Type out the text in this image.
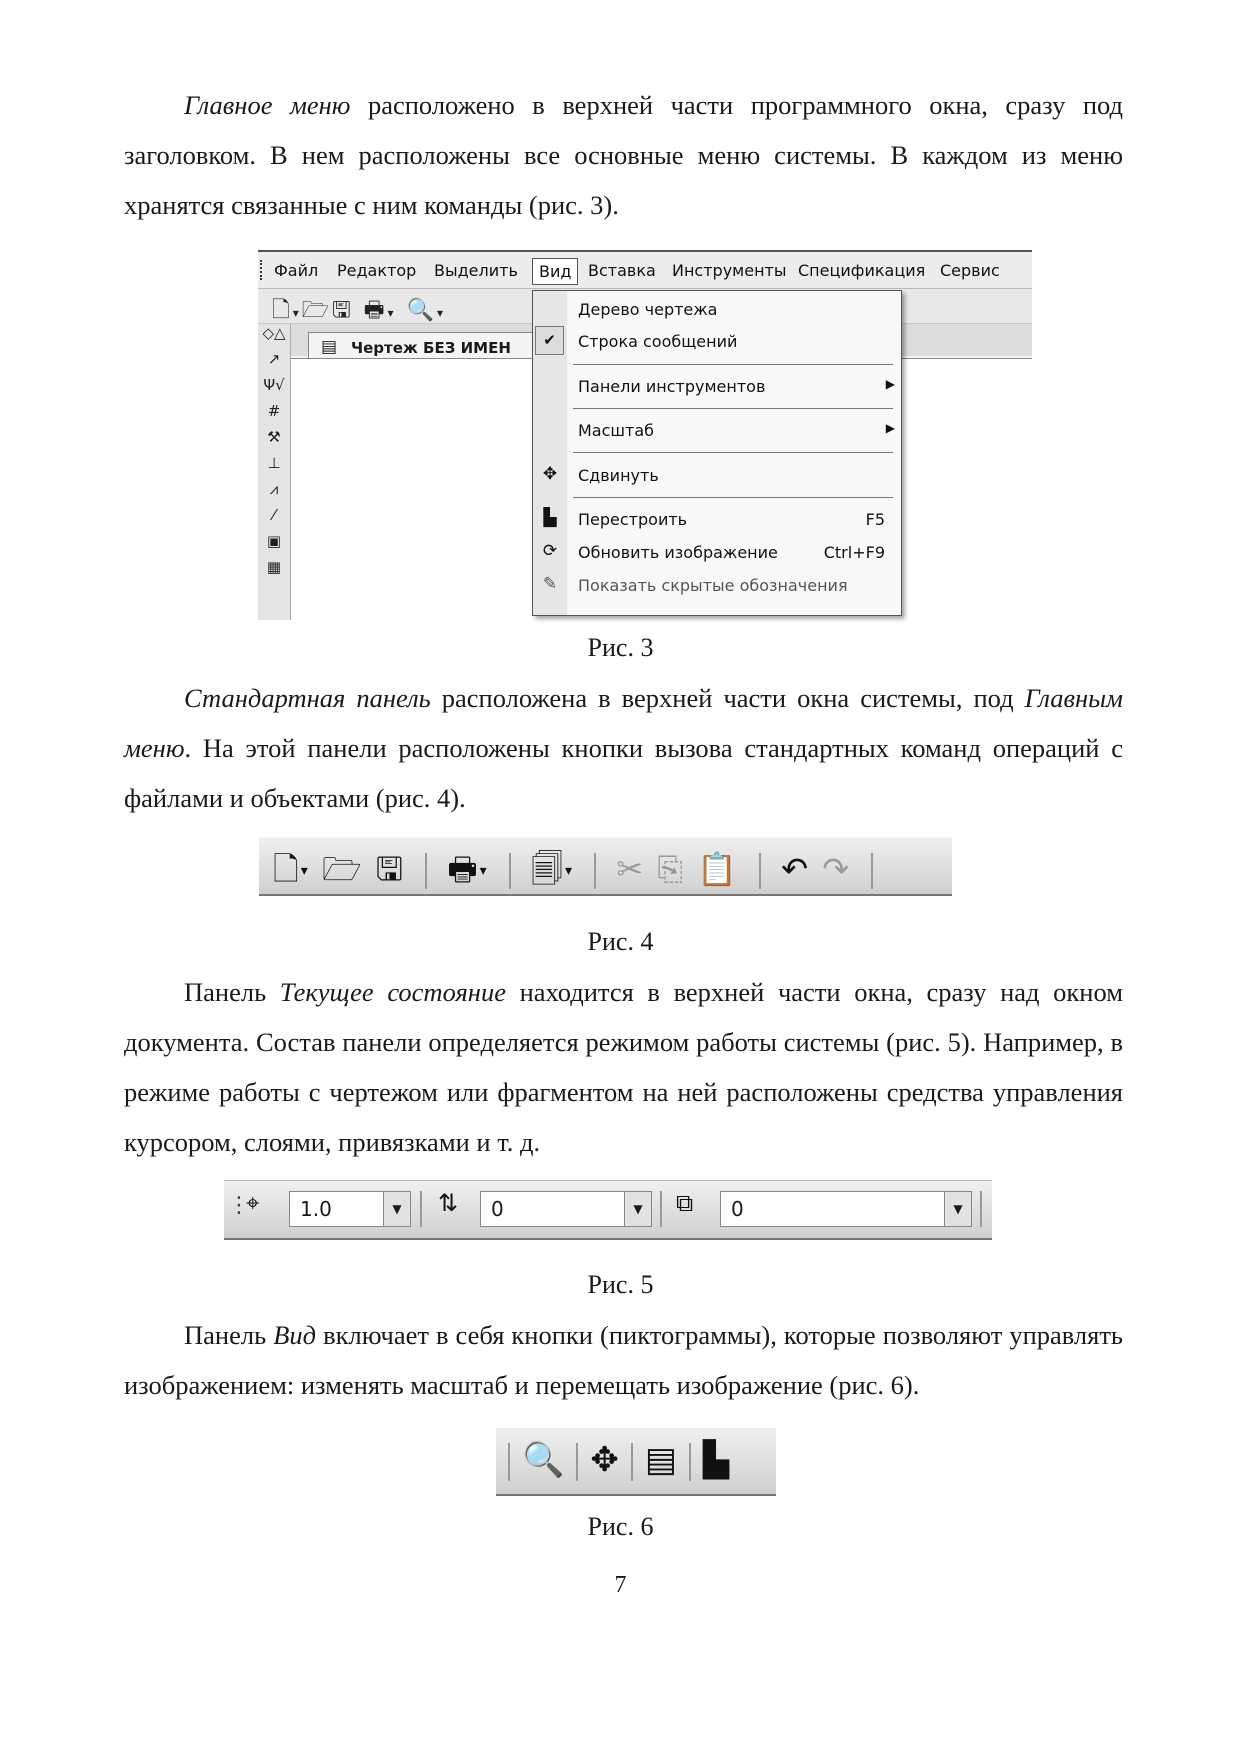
Главное меню расположено в верхней части программного окна, сразу под заголовком. В нем расположены все основные меню системы. В каждом из меню хранятся связанные с ним команды (рис. 3).

Файл Редактор Выделить	Вид	Вставка Инструменты Спецификация Сервис
🗋▾🗁🖫 🖶▾ 🔍▾
◇△
↗
Ψ√
#
⚒
⊥
⩘
⁄
▣
▦
▤ Чертеж БЕЗ ИМЕН
Дерево чертежа
✔	Строка сообщений
Панели инструментов	▶
Масштаб	▶
✥	Сдвинуть
▙	Перестроить	F5
⟳	Обновить изображение	Ctrl+F9
✎	Показать скрытые обозначения
Рис. 3

Стандартная панель расположена в верхней части окна системы, под Главным меню. На этой панели расположены кнопки вызова стандартных команд операций с файлами и объектами (рис. 4).

🗋▾ 🗁 🖫 🖶▾ 🗐▾ ✂ ⎘ 📋 ↶ ↷
Рис. 4

Панель Текущее состояние находится в верхней части окна, сразу над окном документа. Состав панели определяется режимом работы системы (рис. 5). Например, в режиме работы с чертежом или фрагментом на ней расположены средства управления курсором, слоями, привязками и т. д.

⋮
⌖ 1.0	▼	⇅ 0	▼	⧉ 0	▼
Рис. 5

Панель Вид включает в себя кнопки (пиктограммы), которые позволяют управлять изображением: изменять масштаб и перемещать изображение (рис. 6).

🔍 ✥ ▤ ▙
Рис. 6
7
